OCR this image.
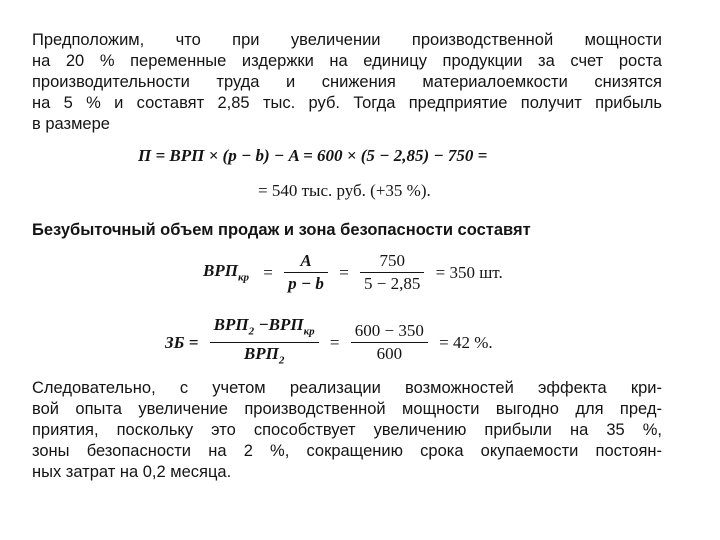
Предположим, что при увеличении производственной мощности
на 20 % переменные издержки на единицу продукции за счет роста
производительности труда и снижения материалоемкости снизятся
на 5 % и составят 2,85 тыс. руб. Тогда предприятие получит прибыль
в размере
П = ВРП × (p − b) − A = 600 × (5 − 2,85) − 750 =
= 540 тыс. руб. (+35 %).
Безубыточный объем продаж и зона безопасности составят
$ВРП_{кр} = \frac{A}{p - b} = \frac{750}{5 - 2,85} = 350$ шт.
ЗБ = $\frac{ВРП_2 -ВРП_{кр}}{ВРП_2} = \frac{600 - 350}{600} = 42$ %.
Следовательно, с учетом реализации возможностей эффекта кри-
вой опыта увеличение производственной мощности выгодно для пред-
приятия, поскольку это способствует увеличению прибыли на 35 %,
зоны безопасности на 2 %, сокращению срока окупаемости постоян-
ных затрат на 0,2 месяца.
